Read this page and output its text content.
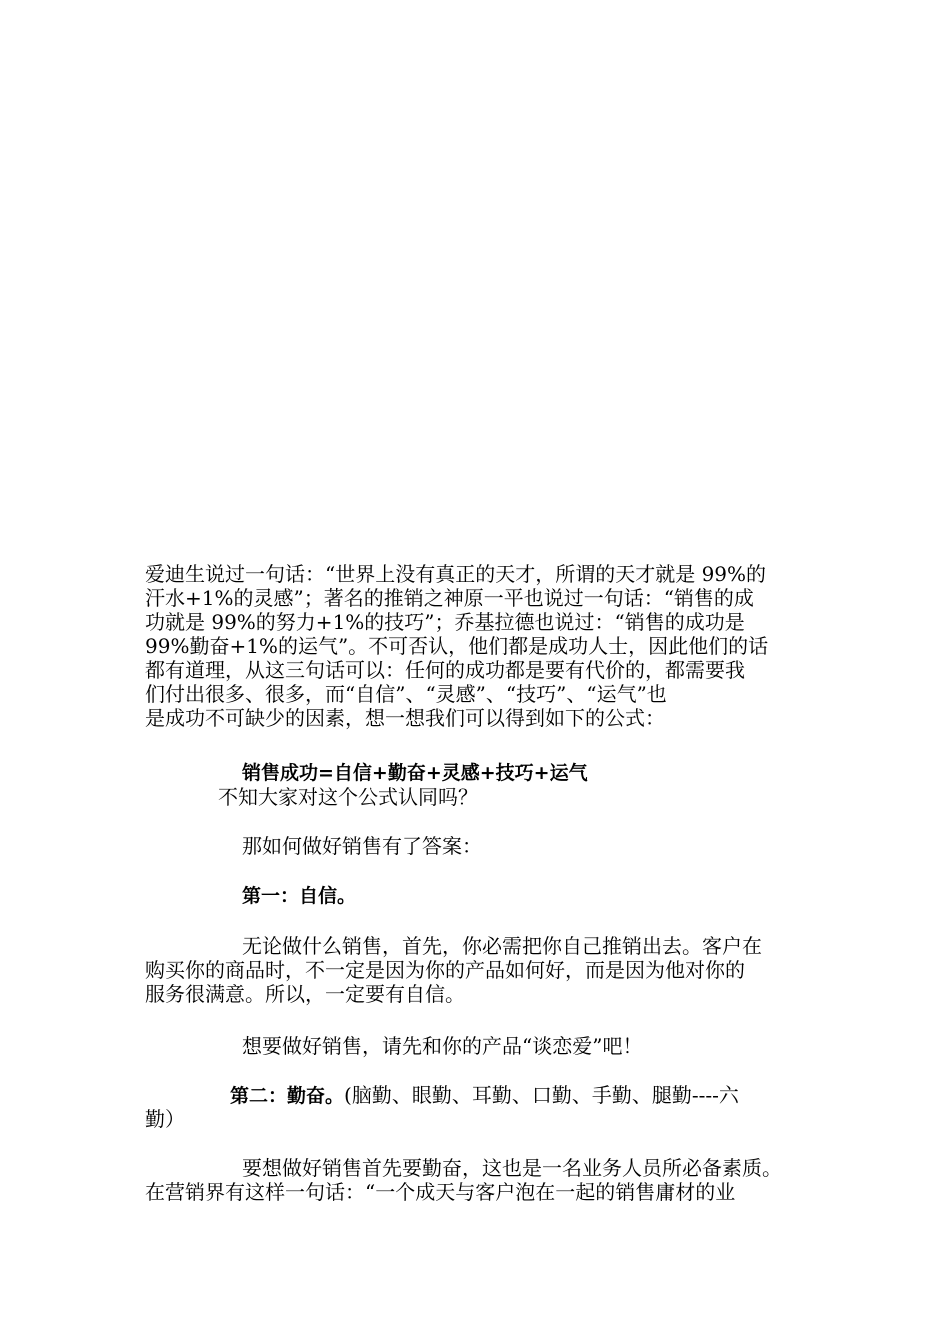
爱迪生说过一句话：“世界上没有真正的天才，所谓的天才就是 99%的
汗水+1%的灵感”；著名的推销之神原一平也说过一句话：“销售的成
功就是 99%的努力+1%的技巧”；乔基拉德也说过：“销售的成功是
99%勤奋+1%的运气”。不可否认，他们都是成功人士，因此他们的话
都有道理，从这三句话可以：任何的成功都是要有代价的，都需要我
们付出很多、很多，而“自信”、“灵感”、“技巧”、“运气”也
是成功不可缺少的因素，想一想我们可以得到如下的公式：
销售成功=自信+勤奋+灵感+技巧+运气
不知大家对这个公式认同吗？
那如何做好销售有了答案：
第一：自信。
无论做什么销售，首先，你必需把你自己推销出去。客户在
购买你的商品时，不一定是因为你的产品如何好，而是因为他对你的
服务很满意。所以，一定要有自信。
想要做好销售，请先和你的产品“谈恋爱”吧！
第二：勤奋。(脑勤、眼勤、耳勤、口勤、手勤、腿勤----六
勤）
要想做好销售首先要勤奋，这也是一名业务人员所必备素质。
在营销界有这样一句话：“一个成天与客户泡在一起的销售庸材的业
